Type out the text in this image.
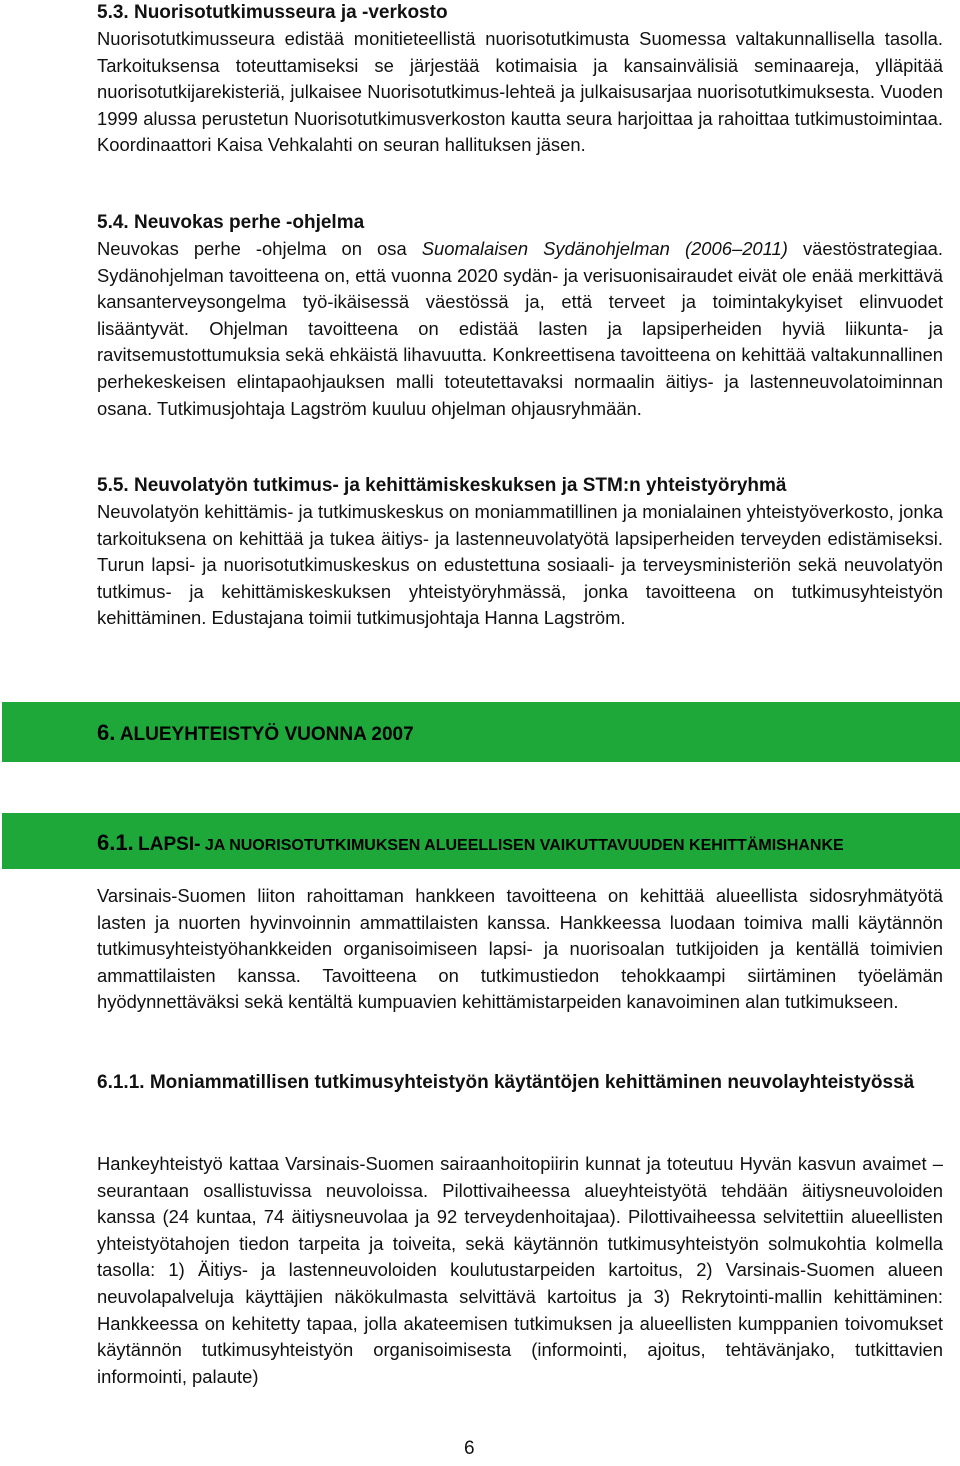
5.3. Nuorisotutkimusseura ja -verkosto

Nuorisotutkimusseura edistää monitieteellistä nuorisotutkimusta Suomessa valtakunnallisella tasolla. Tarkoituksensa toteuttamiseksi se järjestää kotimaisia ja kansainvälisiä seminaareja, ylläpitää nuorisotutkijarekisteriä, julkaisee Nuorisotutkimus-lehteä ja julkaisusarjaa nuorisotutkimuksesta. Vuoden 1999 alussa perustetun Nuorisotutkimusverkoston kautta seura harjoittaa ja rahoittaa tutkimustoimintaa. Koordinaattori Kaisa Vehkalahti on seuran hallituksen jäsen.

5.4. Neuvokas perhe -ohjelma

Neuvokas perhe -ohjelma on osa Suomalaisen Sydänohjelman (2006–2011) väestöstrategiaa. Sydänohjelman tavoitteena on, että vuonna 2020 sydän- ja verisuonisairaudet eivät ole enää merkittävä kansanterveysongelma työ-ikäisessä väestössä ja, että terveet ja toimintakykyiset elinvuodet lisääntyvät. Ohjelman tavoitteena on edistää lasten ja lapsiperheiden hyviä liikunta- ja ravitsemustottumuksia sekä ehkäistä lihavuutta. Konkreettisena tavoitteena on kehittää valtakunnallinen perhekeskeisen elintapaohjauksen malli toteutettavaksi normaalin äitiys- ja lastenneuvolatoiminnan osana. Tutkimusjohtaja Lagström kuuluu ohjelman ohjausryhmään.

5.5. Neuvolatyön tutkimus- ja kehittämiskeskuksen ja STM:n yhteistyöryhmä

Neuvolatyön kehittämis- ja tutkimuskeskus on moniammatillinen ja monialainen yhteistyöverkosto, jonka tarkoituksena on kehittää ja tukea äitiys- ja lastenneuvolatyötä lapsiperheiden terveyden edistämiseksi. Turun lapsi- ja nuorisotutkimuskeskus on edustettuna sosiaali- ja terveysministeriön sekä neuvolatyön tutkimus- ja kehittämiskeskuksen yhteistyöryhmässä, jonka tavoitteena on tutkimusyhteistyön kehittäminen. Edustajana toimii tutkimusjohtaja Hanna Lagström.

Varsinais-Suomen liiton rahoittaman hankkeen tavoitteena on kehittää alueellista sidosryhmätyötä lasten ja nuorten hyvinvoinnin ammattilaisten kanssa. Hankkeessa luodaan toimiva malli käytännön tutkimusyhteistyöhankkeiden organisoimiseen lapsi- ja nuorisoalan tutkijoiden ja kentällä toimivien ammattilaisten kanssa. Tavoitteena on tutkimustiedon tehokkaampi siirtäminen työelämän hyödynnettäväksi sekä kentältä kumpuavien kehittämistarpeiden kanavoiminen alan tutkimukseen.

6.1.1. Moniammatillisen tutkimusyhteistyön käytäntöjen kehittäminen neuvolayhteistyössä

Hankeyhteistyö kattaa Varsinais-Suomen sairaanhoitopiirin kunnat ja toteutuu Hyvän kasvun avaimet –seurantaan osallistuvissa neuvoloissa. Pilottivaiheessa alueyhteistyötä tehdään äitiysneuvoloiden kanssa (24 kuntaa, 74 äitiysneuvolaa ja 92 terveydenhoitajaa). Pilottivaiheessa selvitettiin alueellisten yhteistyötahojen tiedon tarpeita ja toiveita, sekä käytännön tutkimusyhteistyön solmukohtia kolmella tasolla: 1) Äitiys- ja lastenneuvoloiden koulutustarpeiden kartoitus, 2) Varsinais-Suomen alueen neuvolapalveluja käyttäjien näkökulmasta selvittävä kartoitus ja 3) Rekrytointi-mallin kehittäminen: Hankkeessa on kehitetty tapaa, jolla akateemisen tutkimuksen ja alueellisten kumppanien toivomukset käytännön tutkimusyhteistyön organisoimisesta (informointi, ajoitus, tehtävänjako, tutkittavien informointi, palaute)

6. ALUEYHTEISTYÖ VUONNA 2007
6.1. LAPSI- JA NUORISOTUTKIMUKSEN ALUEELLISEN VAIKUTTAVUUDEN KEHITTÄMISHANKE
6
